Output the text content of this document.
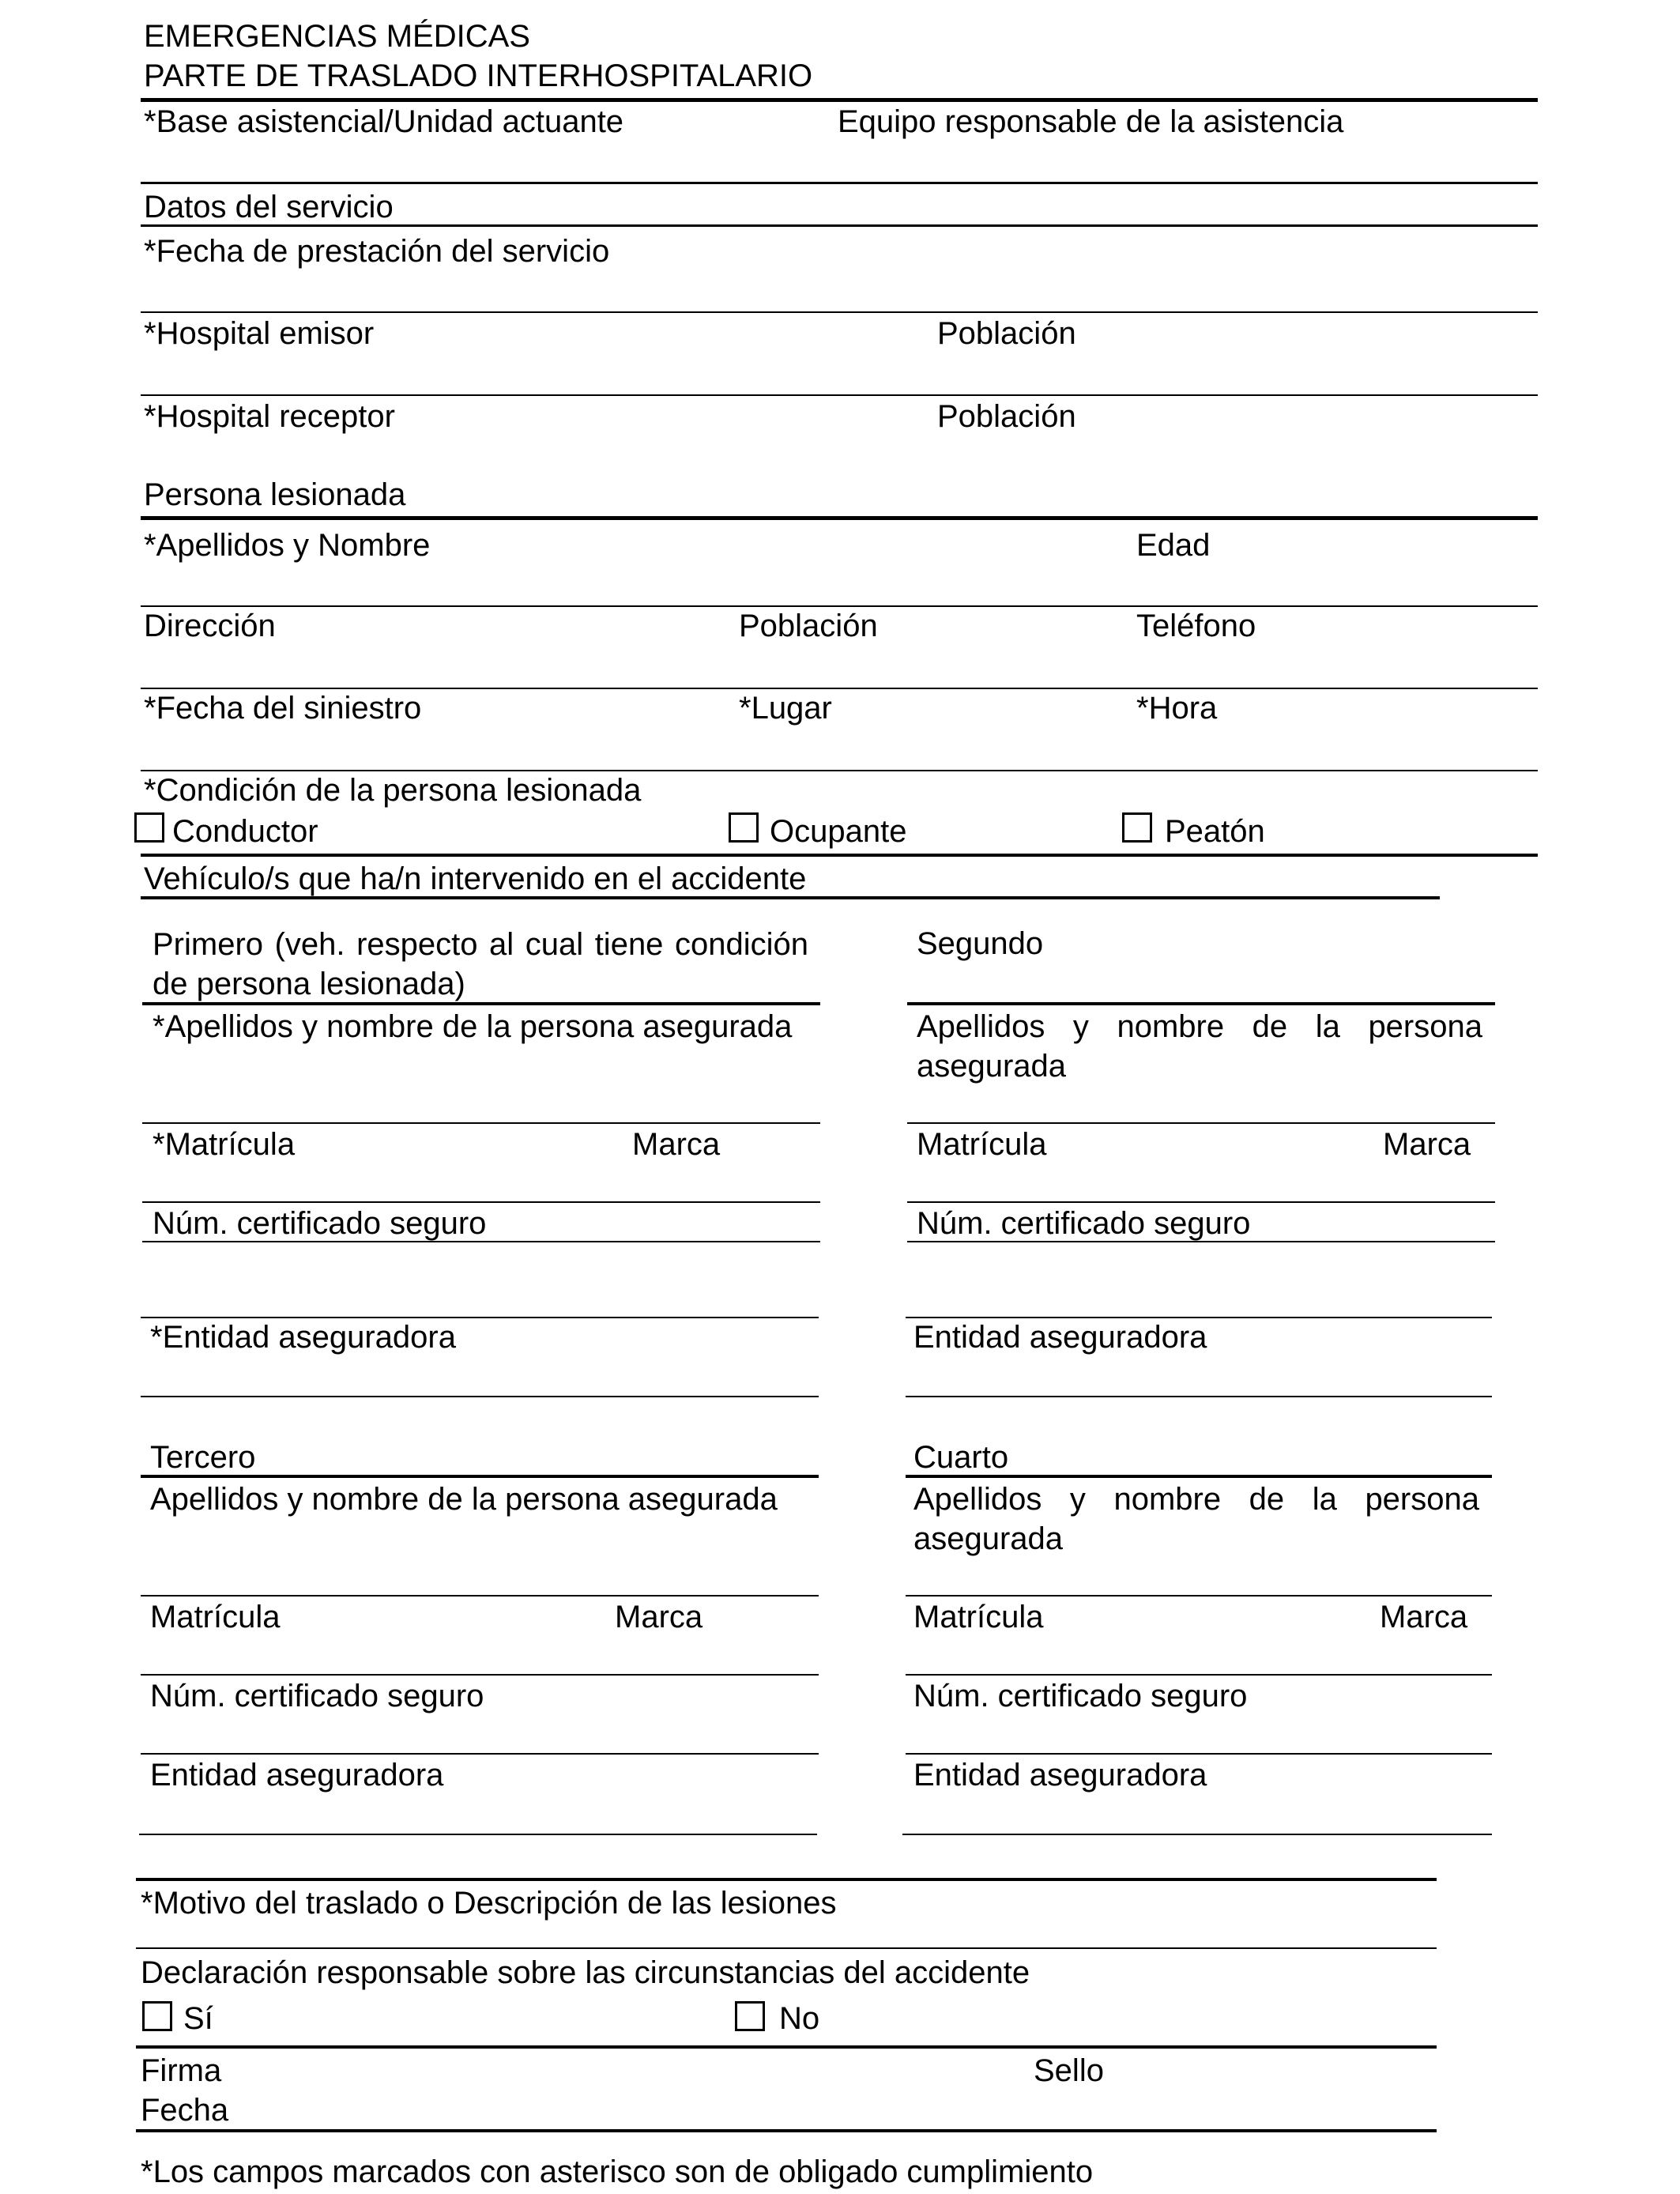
EMERGENCIAS MÉDICAS
PARTE DE TRASLADO INTERHOSPITALARIO
*Base asistencial/Unidad actuante	Equipo responsable de la asistencia
Datos del servicio
*Fecha de prestación del servicio
*Hospital emisor	Población
*Hospital receptor	Población
Persona lesionada
*Apellidos y Nombre	Edad
Dirección	Población	Teléfono
*Fecha del siniestro	*Lugar	*Hora
*Condición de la persona lesionada
Conductor	Ocupante	Peatón
Vehículo/s que ha/n intervenido en el accidente
Primero (veh. respecto al cual tiene condición de persona lesionada)
*Apellidos y nombre de la persona asegurada
*Matrícula	Marca
Núm. certificado seguro
*Entidad aseguradora
Segundo
Apellidos y nombre de la persona asegurada
Matrícula	Marca
Núm. certificado seguro
Entidad aseguradora
Tercero
Apellidos y nombre de la persona asegurada
Matrícula	Marca
Núm. certificado seguro
Entidad aseguradora
Cuarto
Apellidos y nombre de la persona asegurada
Matrícula	Marca
Núm. certificado seguro
Entidad aseguradora
*Motivo del traslado o Descripción de las lesiones
Declaración responsable sobre las circunstancias del accidente
Sí	No
Firma	Sello
Fecha
*Los campos marcados con asterisco son de obligado cumplimiento
